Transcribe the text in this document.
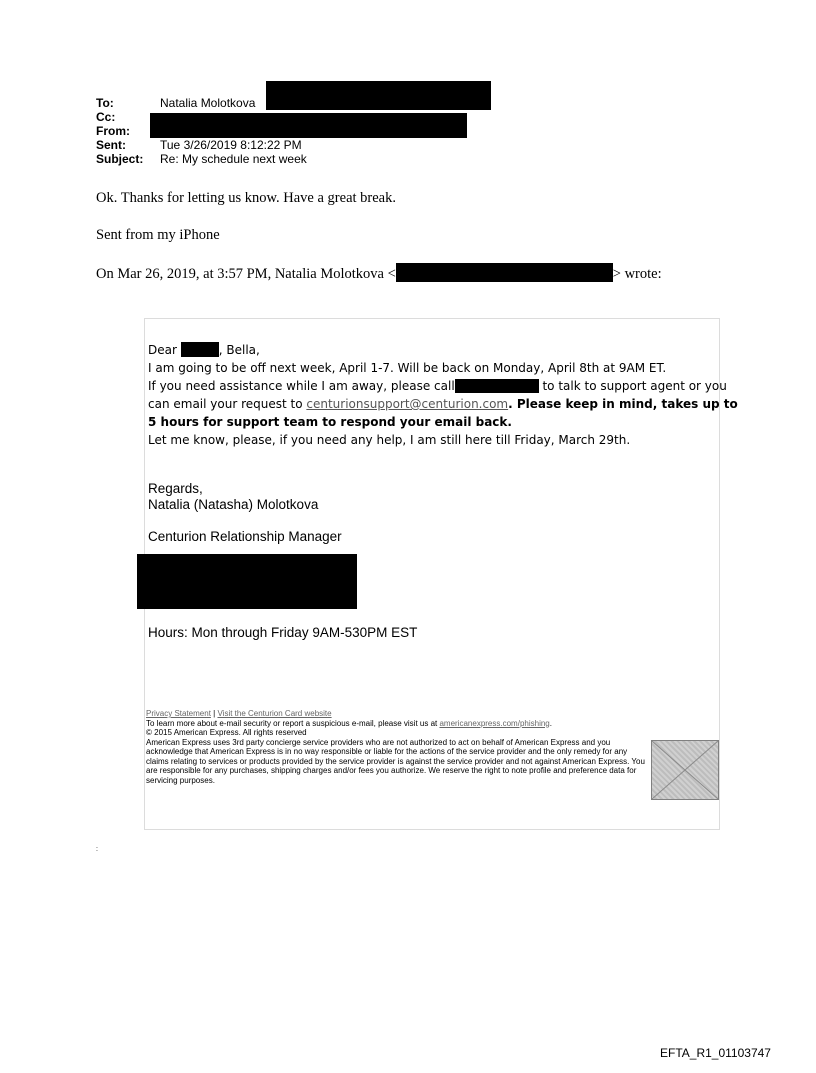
To:	Natalia Molotkova
Cc:
From:
Sent:	Tue 3/26/2019 8:12:22 PM
Subject:	Re: My schedule next week
Ok. Thanks for letting us know. Have a great break.
Sent from my iPhone
On Mar 26, 2019, at 3:57 PM, Natalia Molotkova <	> wrote:

Dear	, Bella,

I am going to be off next week, April 1-7. Will be back on Monday, April 8th at 9AM ET.

If you need assistance while I am away, please call	to talk to support agent or you

can email your request to centurionsupport@centurion.com. Please keep in mind, takes up to

5 hours for support team to respond your email back.

Let me know, please, if you need any help, I am still here till Friday, March 29th.

Regards,
Natalia (Natasha) Molotkova
Centurion Relationship Manager
Hours: Mon through Friday 9AM-530PM EST
Privacy Statement | Visit the Centurion Card website
To learn more about e-mail security or report a suspicious e-mail, please visit us at americanexpress.com/phishing.
© 2015 American Express. All rights reserved
American Express uses 3rd party concierge service providers who are not authorized to act on behalf of American Express and you acknowledge that American Express is in no way responsible or liable for the actions of the service provider and the only remedy for any claims relating to services or products provided by the service provider is against the service provider and not against American Express. You are responsible for any purchases, shipping charges and/or fees you authorize. We reserve the right to note profile and preference data for servicing purposes.
:
EFTA_R1_01103747
